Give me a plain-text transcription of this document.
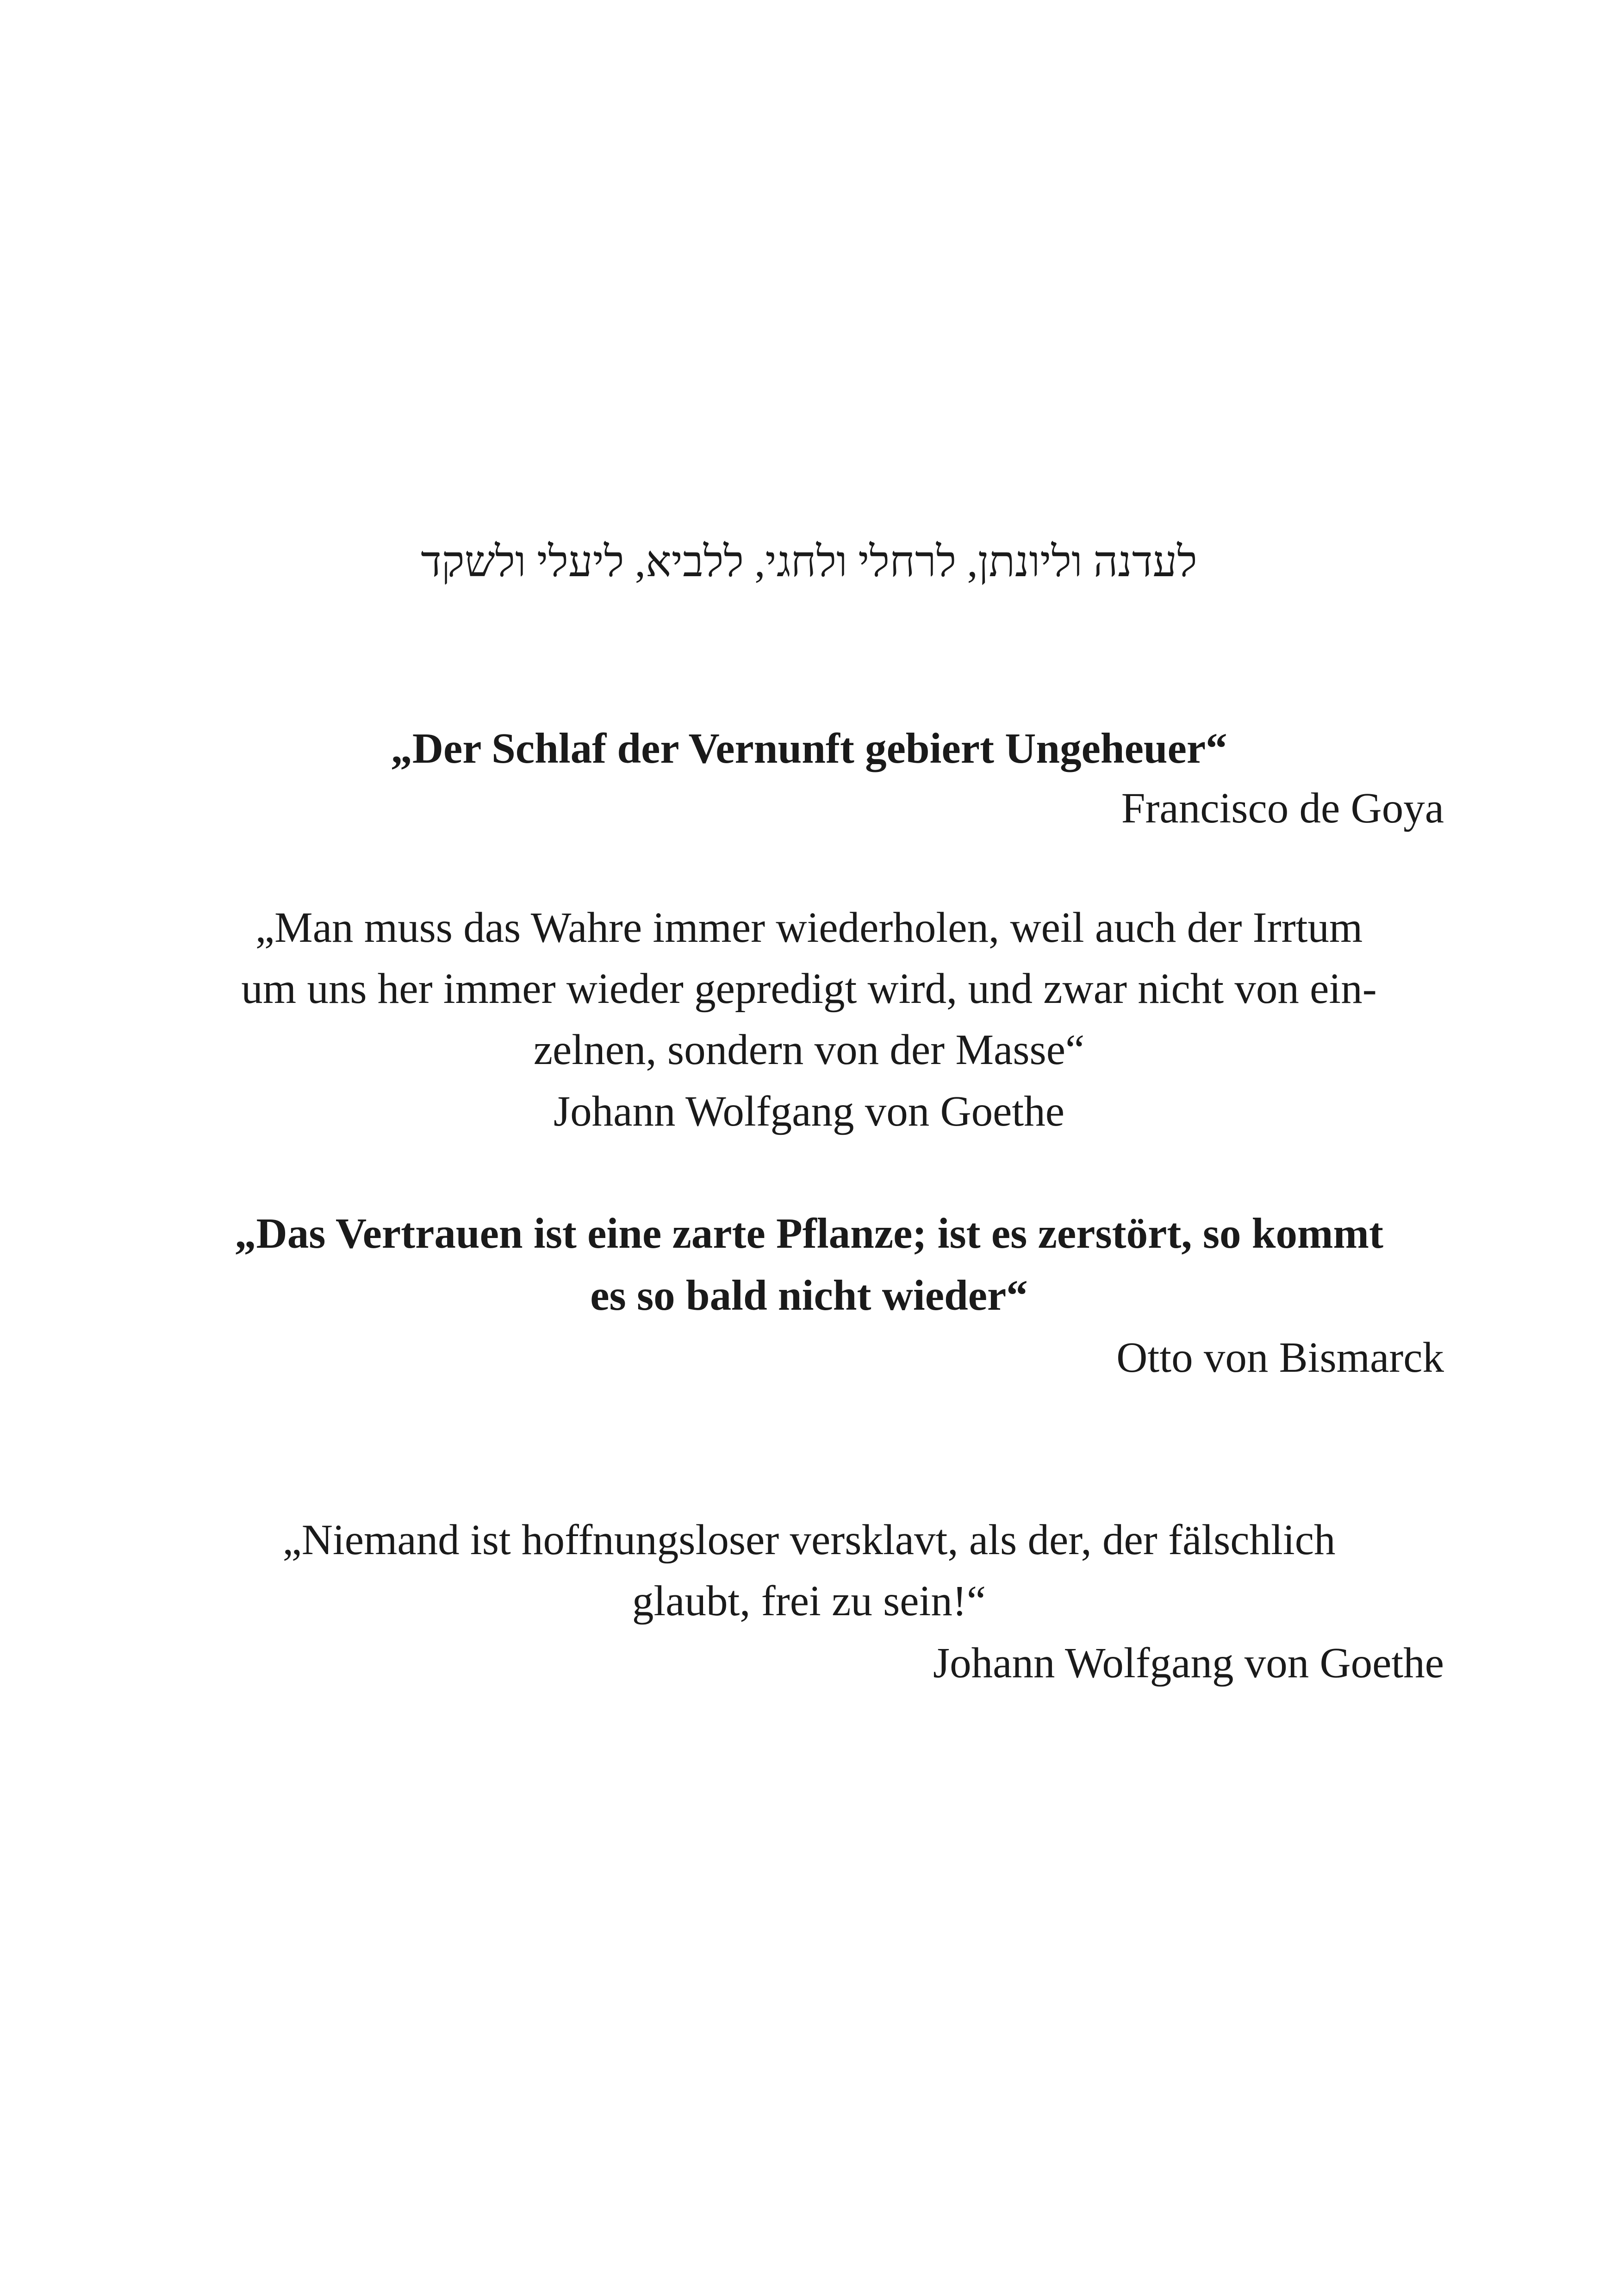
לעדנה וליונתן, לרחלי ולחגי, ללביא, ליעלי ולשקד
„Der Schlaf der Vernunft gebiert Ungeheuer“
Francisco de Goya
„Man muss das Wahre immer wiederholen, weil auch der Irrtum
um uns her immer wieder gepredigt wird, und zwar nicht von ein-
zelnen, sondern von der Masse“
Johann Wolfgang von Goethe
„Das Vertrauen ist eine zarte Pflanze; ist es zerstört, so kommt
es so bald nicht wieder“
Otto von Bismarck
„Niemand ist hoffnungsloser versklavt, als der, der fälschlich
glaubt, frei zu sein!“
Johann Wolfgang von Goethe
